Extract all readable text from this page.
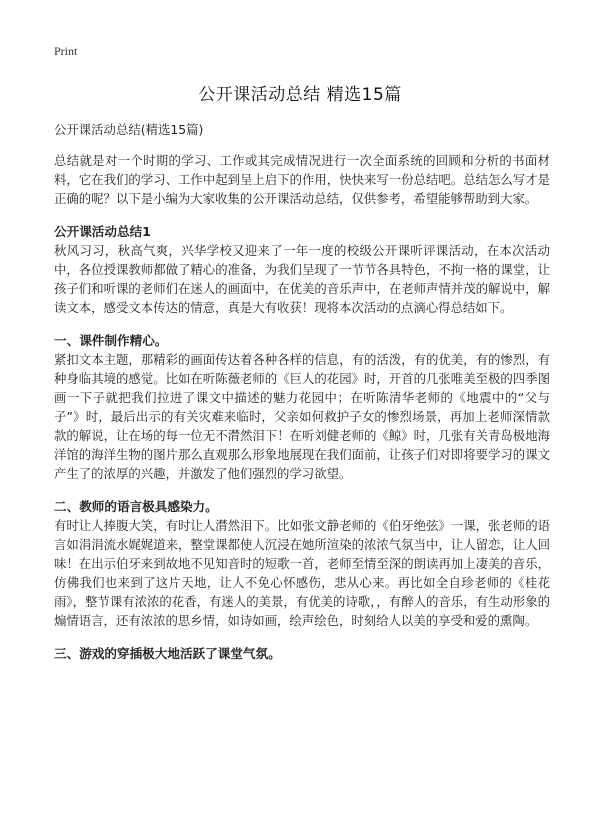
Print
公开课活动总结 精选15篇

公开课活动总结(精选15篇)

总结就是对一个时期的学习、工作或其完成情况进行一次全面系统的回顾和分析的书面材料，它在我们的学习、工作中起到呈上启下的作用，快快来写一份总结吧。总结怎么写才是正确的呢？以下是小编为大家收集的公开课活动总结，仅供参考，希望能够帮助到大家。

公开课活动总结1

秋风习习，秋高气爽，兴华学校又迎来了一年一度的校级公开课听评课活动，在本次活动中，各位授课教师都做了精心的准备，为我们呈现了一节节各具特色，不拘一格的课堂，让孩子们和听课的老师们在迷人的画面中，在优美的音乐声中，在老师声情并茂的解说中，解读文本，感受文本传达的情意，真是大有收获！现将本次活动的点滴心得总结如下。

一、课件制作精心。

紧扣文本主题，那精彩的画面传达着各种各样的信息，有的活泼，有的优美，有的惨烈，有种身临其境的感觉。比如在听陈薇老师的《巨人的花园》时，开首的几张唯美至极的四季图画一下子就把我们拉进了课文中描述的魅力花园中；在听陈清华老师的《地震中的“父与子”》时，最后出示的有关灾难来临时，父亲如何救护子女的惨烈场景，再加上老师深情款款的解说，让在场的每一位无不潸然泪下！在听刘健老师的《鲸》时，几张有关青岛极地海洋馆的海洋生物的图片那么直观那么形象地展现在我们面前，让孩子们对即将要学习的课文产生了的浓厚的兴趣，并激发了他们强烈的学习欲望。

二、教师的语言极具感染力。

有时让人捧腹大笑，有时让人潸然泪下。比如张文静老师的《伯牙绝弦》一课，张老师的语言如涓涓流水娓娓道来，整堂课都使人沉浸在她所渲染的浓浓气氛当中，让人留恋，让人回味！在出示伯牙来到故地不见知音时的短歌一首，老师至情至深的朗读再加上凄美的音乐，仿佛我们也来到了这片天地，让人不免心怀感伤，悲从心来。再比如全自珍老师的《桂花雨》，整节课有浓浓的花香，有迷人的美景，有优美的诗歌，，有醉人的音乐，有生动形象的煽情语言，还有浓浓的思乡情，如诗如画，绘声绘色，时刻给人以美的享受和爱的熏陶。

三、游戏的穿插极大地活跃了课堂气氛。
